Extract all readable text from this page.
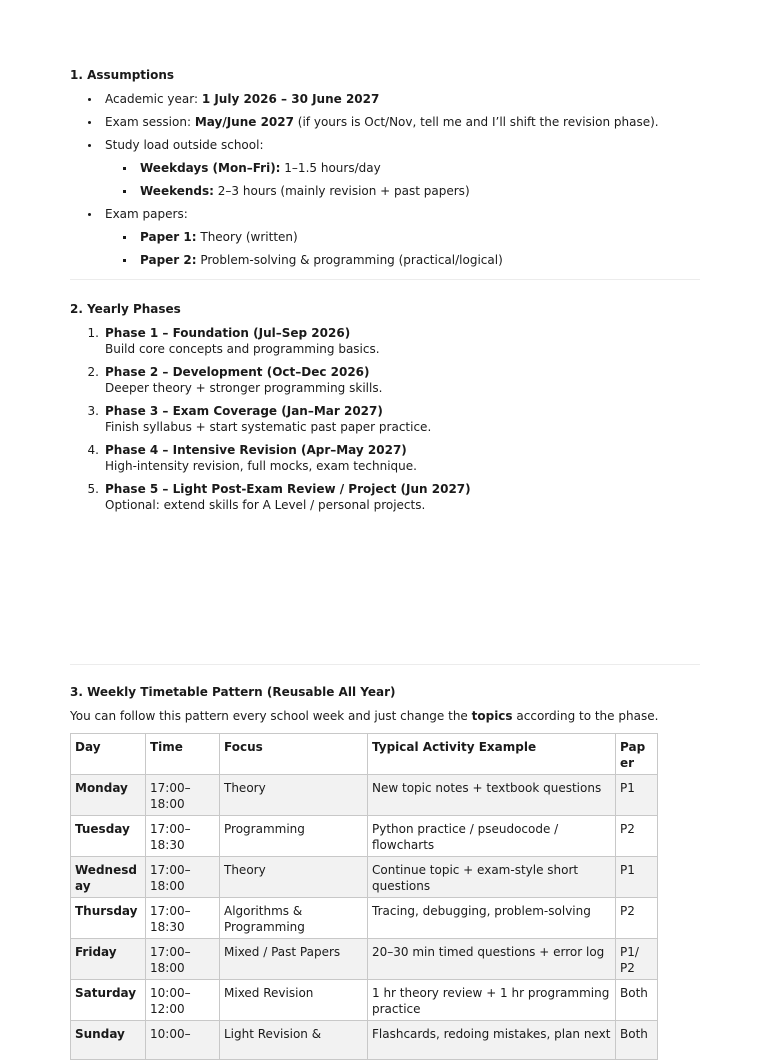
1. Assumptions
Academic year: 1 July 2026 – 30 June 2027
Exam session: May/June 2027 (if yours is Oct/Nov, tell me and I’ll shift the revision phase).
Study load outside school:
Weekdays (Mon–Fri): 1–1.5 hours/day
Weekends: 2–3 hours (mainly revision + past papers)
Exam papers:
Paper 1: Theory (written)
Paper 2: Problem-solving & programming (practical/logical)
2. Yearly Phases
1. Phase 1 – Foundation (Jul–Sep 2026)
Build core concepts and programming basics.
2. Phase 2 – Development (Oct–Dec 2026)
Deeper theory + stronger programming skills.
3. Phase 3 – Exam Coverage (Jan–Mar 2027)
Finish syllabus + start systematic past paper practice.
4. Phase 4 – Intensive Revision (Apr–May 2027)
High-intensity revision, full mocks, exam technique.
5. Phase 5 – Light Post-Exam Review / Project (Jun 2027)
Optional: extend skills for A Level / personal projects.
3. Weekly Timetable Pattern (Reusable All Year)

You can follow this pattern every school week and just change the topics according to the phase.

Day	Time	Focus	Typical Activity Example	Pap er
Monday	17:00– 18:00	Theory	New topic notes + textbook questions	P1
Tuesday	17:00– 18:30	Programming	Python practice / pseudocode / flowcharts	P2
Wednesd ay	17:00– 18:00	Theory	Continue topic + exam-style short questions	P1
Thursday	17:00– 18:30	Algorithms & Programming	Tracing, debugging, problem-solving	P2
Friday	17:00– 18:00	Mixed / Past Papers	20–30 min timed questions + error log	P1/ P2
Saturday	10:00– 12:00	Mixed Revision	1 hr theory review + 1 hr programming practice	Both
Sunday	10:00–	Light Revision &	Flashcards, redoing mistakes, plan next	Both
